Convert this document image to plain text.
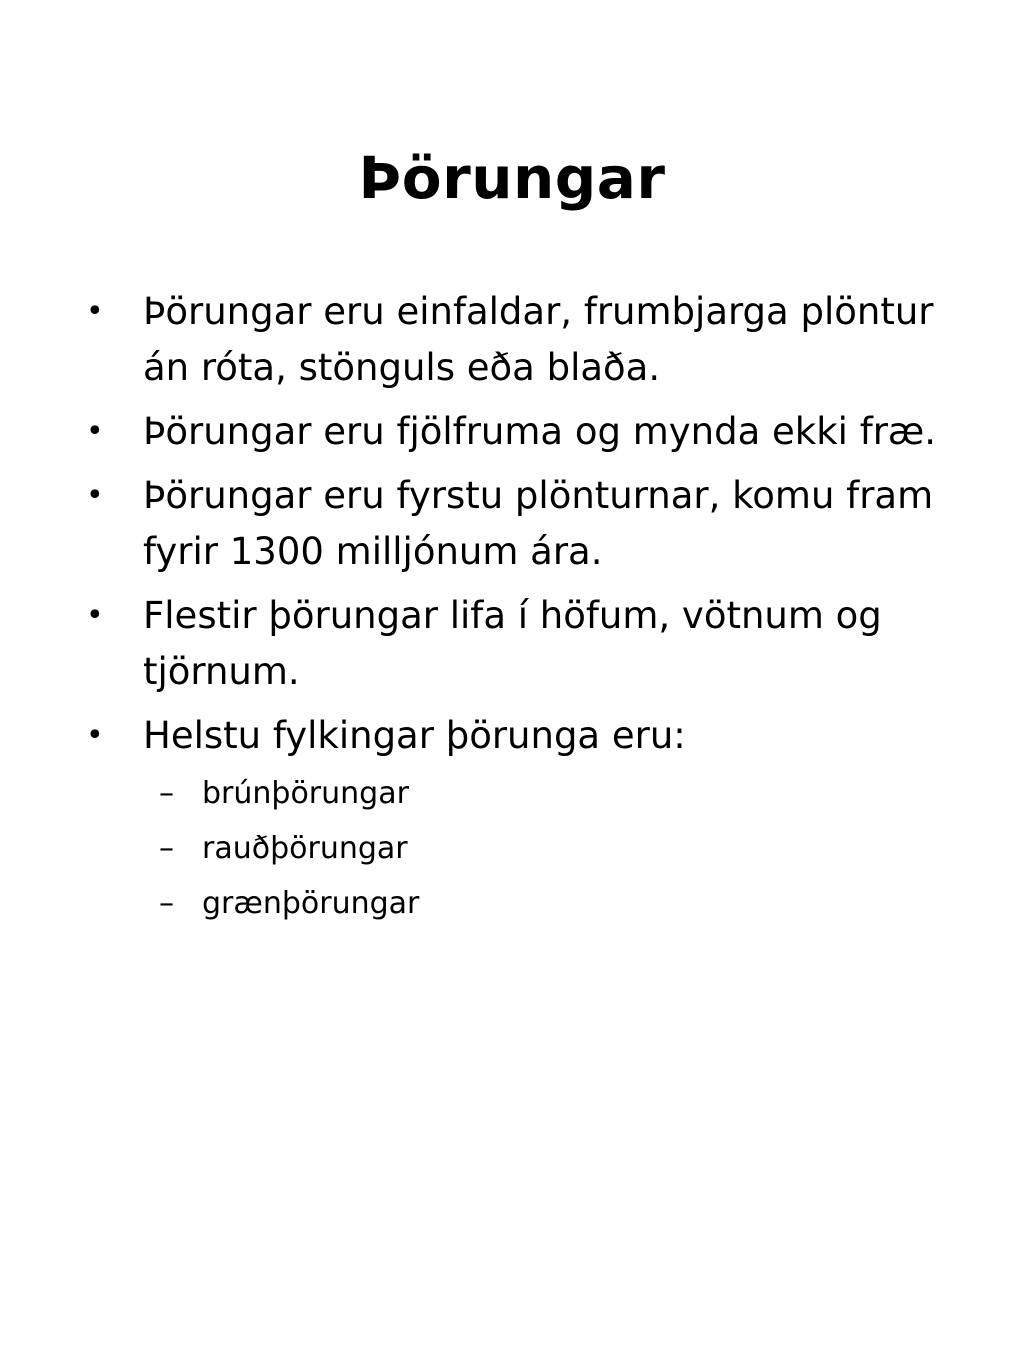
Þörungar
• Þörungar eru einfaldar, frumbjarga plöntur án róta, stönguls eða blaða.
• Þörungar eru fjölfruma og mynda ekki fræ.
• Þörungar eru fyrstu plönturnar, komu fram fyrir 1300 milljónum ára.
• Flestir þörungar lifa í höfum, vötnum og tjörnum.
• Helstu fylkingar þörunga eru:
– brúnþörungar
– rauðþörungar
– grænþörungar
